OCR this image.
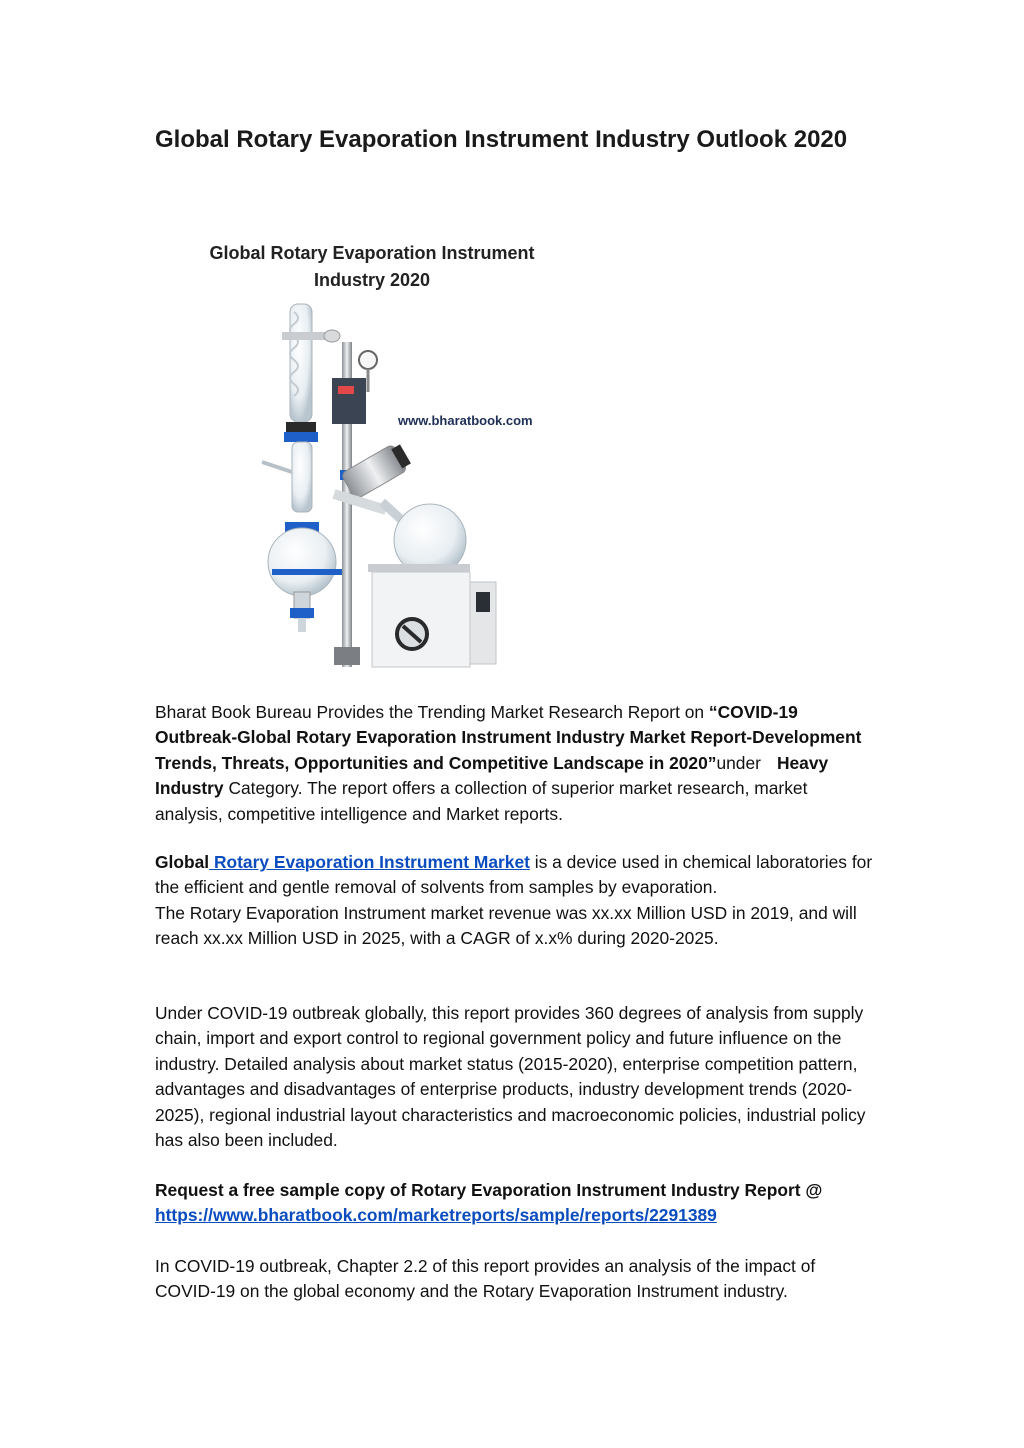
Global Rotary Evaporation Instrument Industry Outlook 2020
Global Rotary Evaporation Instrument Industry 2020
www.bharatbook.com
Bharat Book Bureau Provides the Trending Market Research Report on “COVID-19 Outbreak-Global Rotary Evaporation Instrument Industry Market Report-Development Trends, Threats, Opportunities and Competitive Landscape in 2020”under Heavy Industry Category. The report offers a collection of superior market research, market analysis, competitive intelligence and Market reports.
Global Rotary Evaporation Instrument Market is a device used in chemical laboratories for the efficient and gentle removal of solvents from samples by evaporation.
The Rotary Evaporation Instrument market revenue was xx.xx Million USD in 2019, and will reach xx.xx Million USD in 2025, with a CAGR of x.x% during 2020-2025.
Under COVID-19 outbreak globally, this report provides 360 degrees of analysis from supply chain, import and export control to regional government policy and future influence on the industry. Detailed analysis about market status (2015-2020), enterprise competition pattern, advantages and disadvantages of enterprise products, industry development trends (2020-2025), regional industrial layout characteristics and macroeconomic policies, industrial policy has also been included.
Request a free sample copy of Rotary Evaporation Instrument Industry Report @
https://www.bharatbook.com/marketreports/sample/reports/2291389
In COVID-19 outbreak, Chapter 2.2 of this report provides an analysis of the impact of COVID-19 on the global economy and the Rotary Evaporation Instrument industry.
